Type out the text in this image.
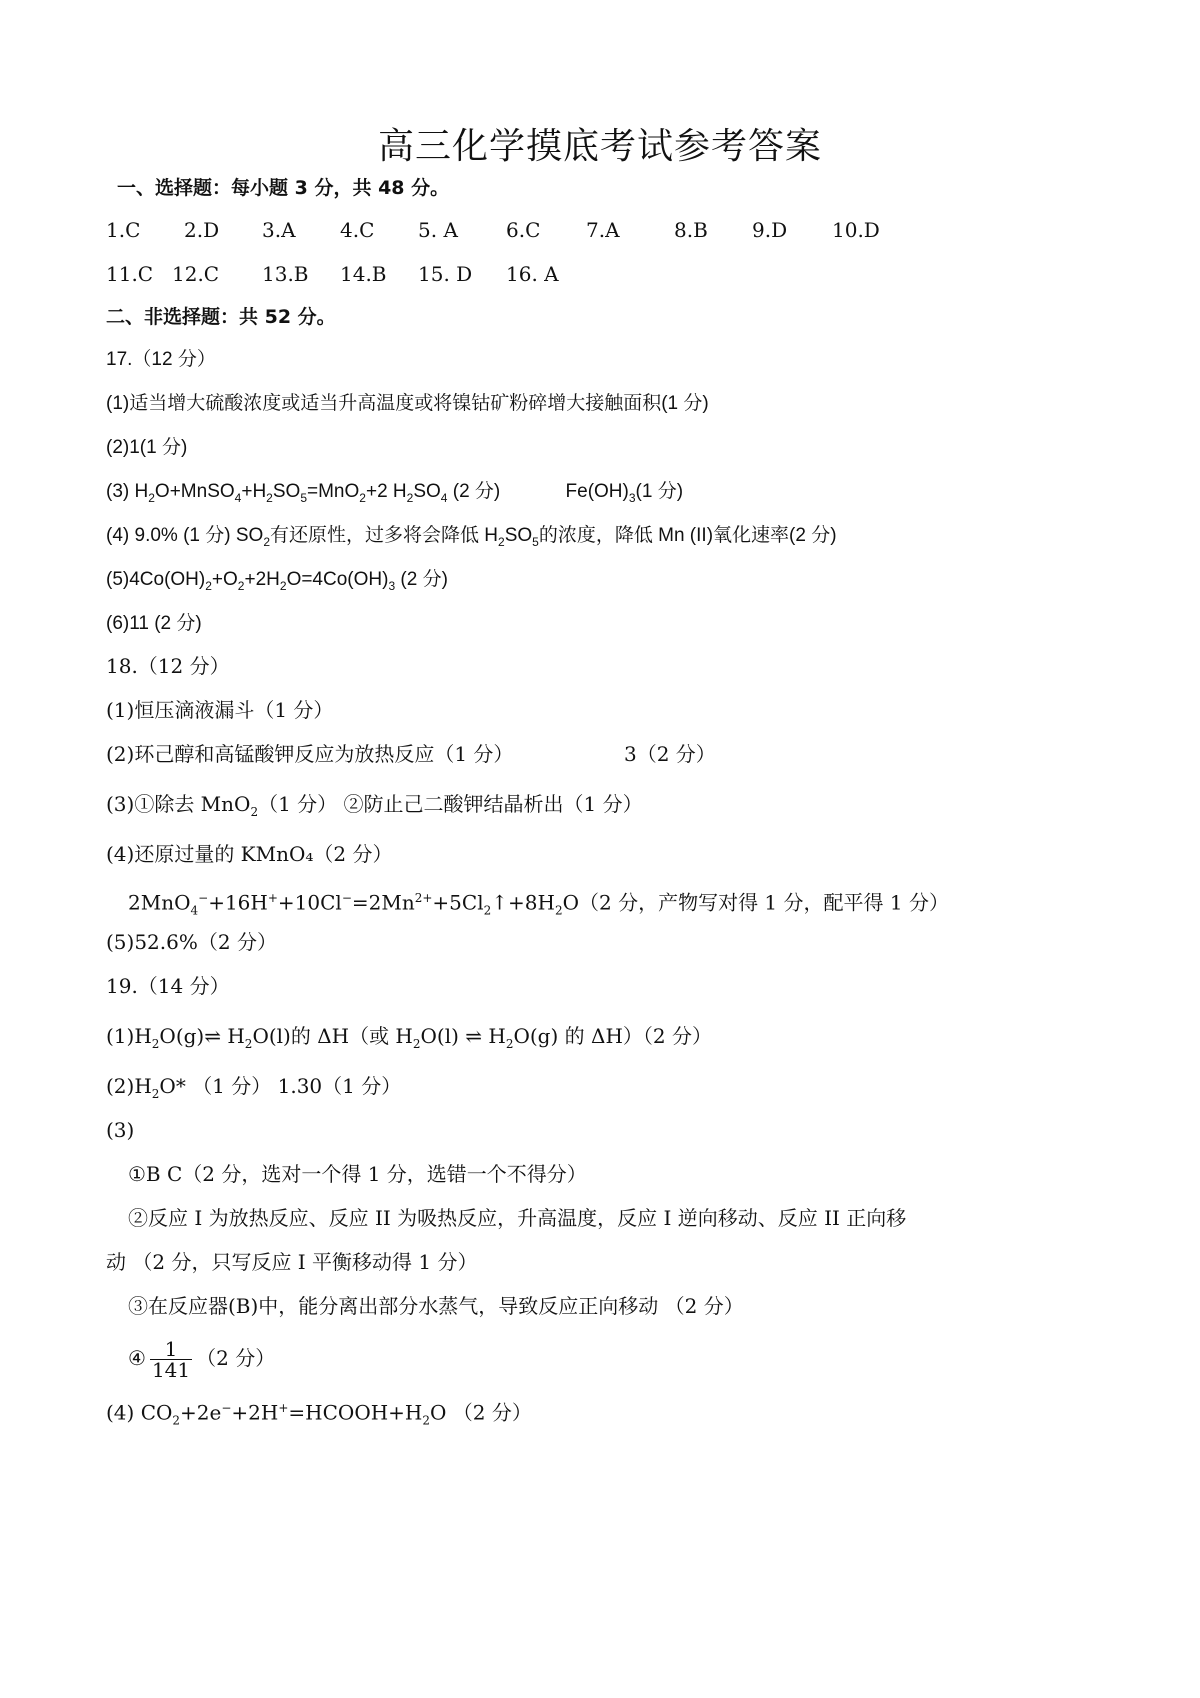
高三化学摸底考试参考答案
一、选择题：每小题 3 分，共 48 分。
1.C 2.D 3.A 4.C 5. A 6.C 7.A	8.B 9.D 10.D
11.C 12.C 13.B 14.B 15. D 16. A
二、非选择题：共 52 分。
17.（12 分）
(1)适当增大硫酸浓度或适当升高温度或将镍钴矿粉碎增大接触面积(1 分)
(2)1(1 分)
(3) $H_2O+MnSO_4+H_2SO_5=MnO_2+2$ $H_2SO_4$ (2 分)	$Fe(OH)_3(1$ 分)
(4) 9.0% (1 分) $SO_2$有还原性，过多将会降低 $H_2SO_5$的浓度，降低 Mn (II)氧化速率(2 分)
$(5)4Co(OH)_2+O_2+2H_2O=4Co(OH)_3$ (2 分)
(6)11 (2 分)
18.（12 分）
(1)恒压滴液漏斗（1 分）
(2)环己醇和高锰酸钾反应为放热反应（1 分）	3（2 分）
(3)①除去 MnO$_2$（1 分） ②防止己二酸钾结晶析出（1 分）
(4)还原过量的 KMnO₄（2 分）
$2MnO_4^-+16H^++10Cl^-=2Mn^{2+}+5Cl_2↑+8H_2O(2$ 分，产物写对得 1 分，配平得 1 分）
(5)52.6%（2 分）
19.（14 分）
$(1)H_2O(g)\rightleftharpoons$ $H_2O(l)$的 ΔH（或 $H_2O(l)$ ⇌ $H_2O(g)$ 的 ΔH）（2 分）
$(2)H_2O*$ （1 分） 1.30（1 分）
(3)
①B C（2 分，选对一个得 1 分，选错一个不得分）
②反应 I 为放热反应、反应 II 为吸热反应，升高温度，反应 I 逆向移动、反应 II 正向移
动 （2 分，只写反应 I 平衡移动得 1 分）
③在反应器(B)中，能分离出部分水蒸气，导致反应正向移动 （2 分）
④ $\frac{1}{141} (2$ 分）
(4) $CO_2+2e^-+2H^+=HCOOH+H_2O$ （2 分）
